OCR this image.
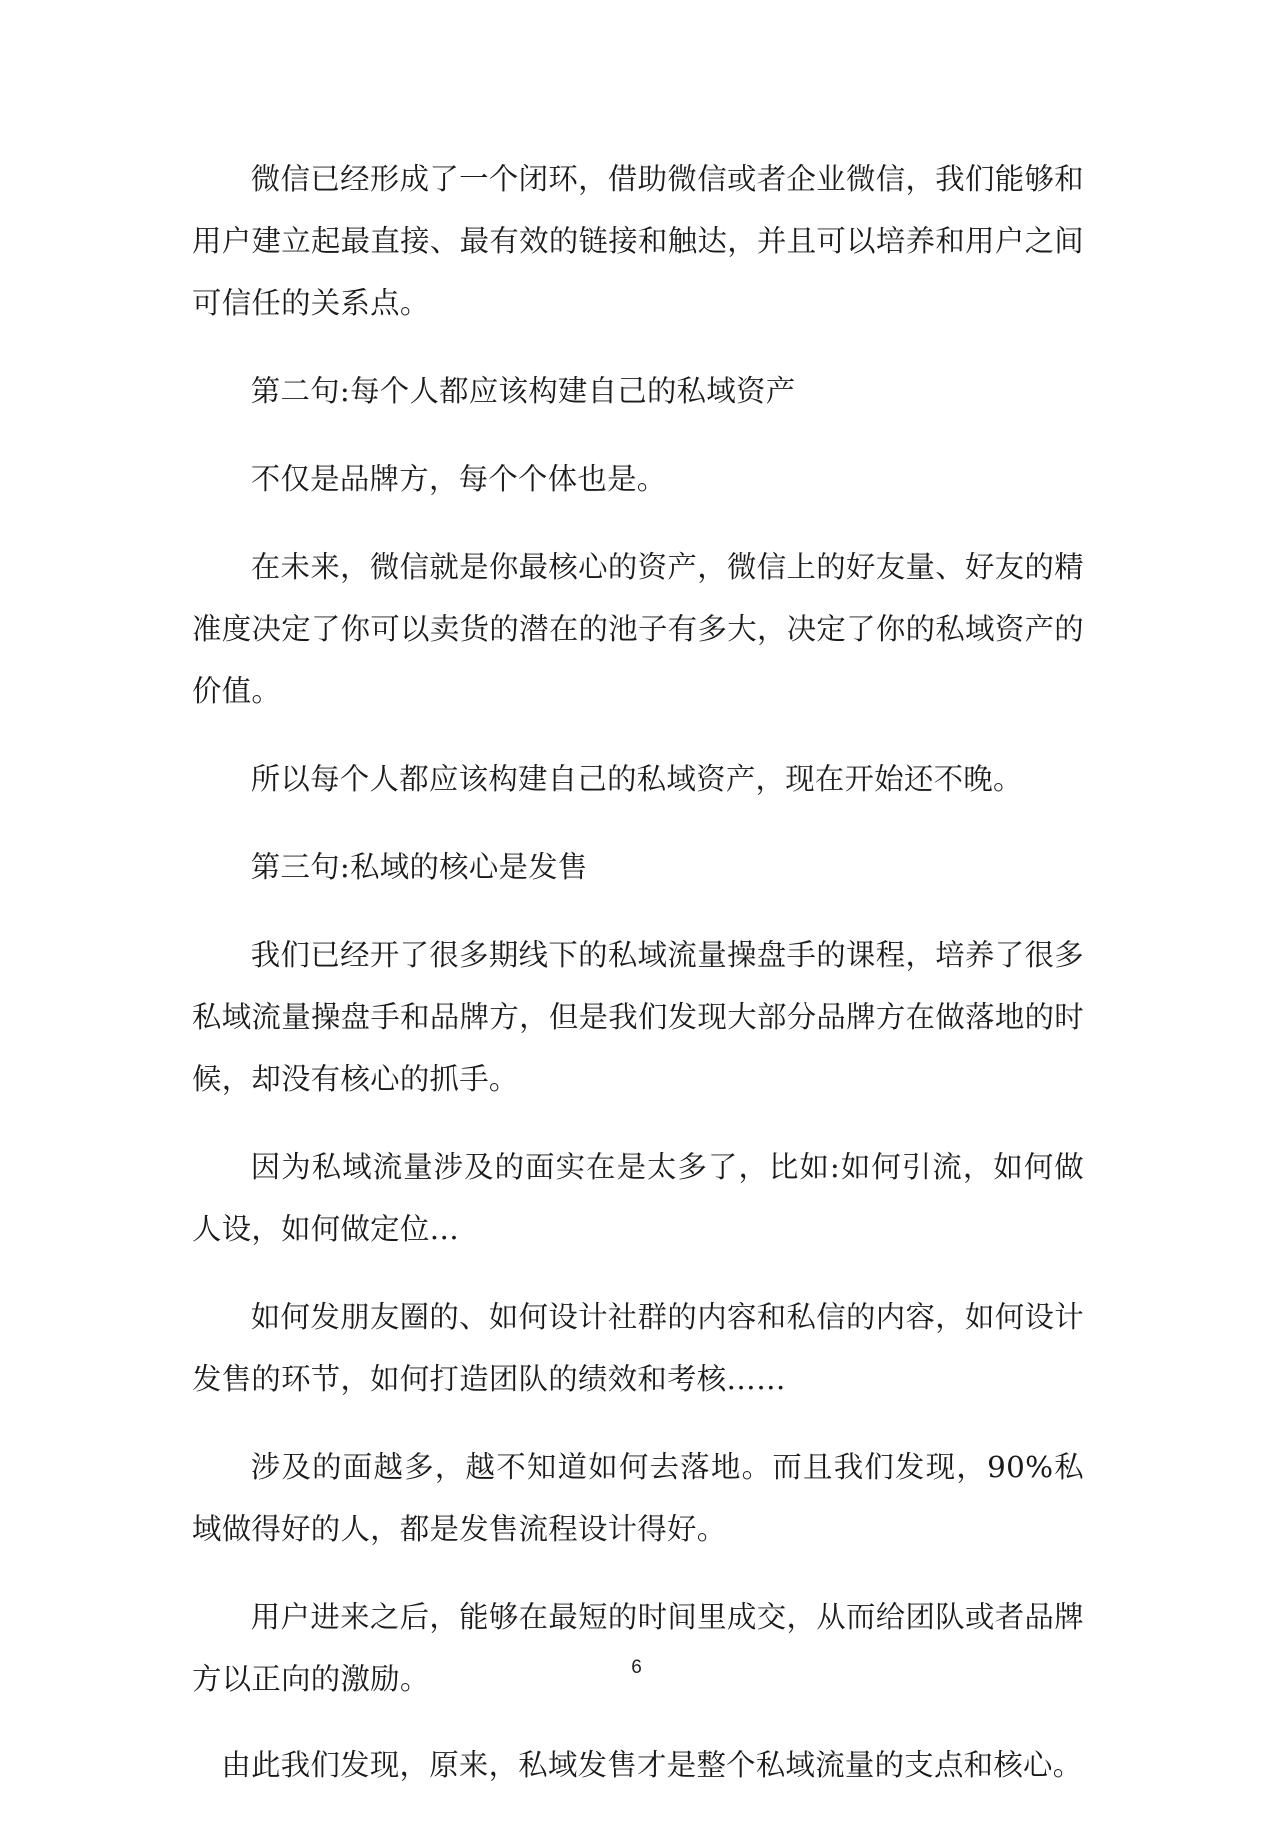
微信已经形成了一个闭环，借助微信或者企业微信，我们能够和用户建立起最直接、最有效的链接和触达，并且可以培养和用户之间可信任的关系点。

第二句:每个人都应该构建自己的私域资产

不仅是品牌方，每个个体也是。

在未来，微信就是你最核心的资产，微信上的好友量、好友的精准度决定了你可以卖货的潜在的池子有多大，决定了你的私域资产的价值。

所以每个人都应该构建自己的私域资产，现在开始还不晚。

第三句:私域的核心是发售

我们已经开了很多期线下的私域流量操盘手的课程，培养了很多私域流量操盘手和品牌方，但是我们发现大部分品牌方在做落地的时候，却没有核心的抓手。

因为私域流量涉及的面实在是太多了，比如:如何引流，如何做人设，如何做定位…

如何发朋友圈的、如何设计社群的内容和私信的内容，如何设计发售的环节，如何打造团队的绩效和考核……

涉及的面越多，越不知道如何去落地。而且我们发现，90%私域做得好的人，都是发售流程设计得好。

用户进来之后，能够在最短的时间里成交，从而给团队或者品牌方以正向的激励。

由此我们发现，原来，私域发售才是整个私域流量的支点和核心。

6
